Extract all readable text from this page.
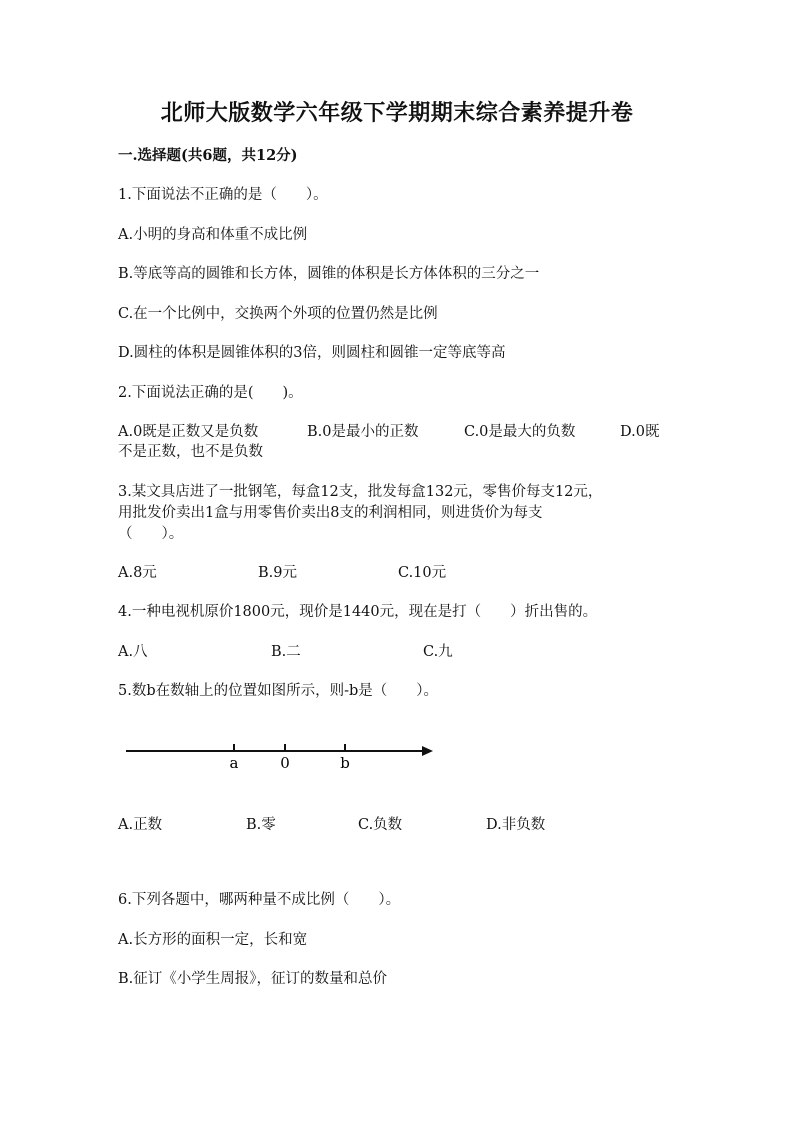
北师大版数学六年级下学期期末综合素养提升卷
一.选择题(共6题，共12分)
1.下面说法不正确的是（　　）。
A.小明的身高和体重不成比例
B.等底等高的圆锥和长方体，圆锥的体积是长方体体积的三分之一
C.在一个比例中，交换两个外项的位置仍然是比例
D.圆柱的体积是圆锥体积的3倍，则圆柱和圆锥一定等底等高
2.下面说法正确的是(　　)。
A.0既是正数又是负数	B.0是最小的正数	C.0是最大的负数	D.0既
不是正数，也不是负数
3.某文具店进了一批钢笔，每盒12支，批发每盒132元，零售价每支12元，
用批发价卖出1盒与用零售价卖出8支的利润相同，则进货价为每支
（　　）。
A.8元	B.9元	C.10元
4.一种电视机原价1800元，现价是1440元，现在是打（　　）折出售的。
A.八	B.二	C.九
5.数b在数轴上的位置如图所示，则-b是（　　）。
a	0	b
A.正数	B.零	C.负数	D.非负数
6.下列各题中，哪两种量不成比例（　　）。
A.长方形的面积一定，长和宽
B.征订《小学生周报》，征订的数量和总价
